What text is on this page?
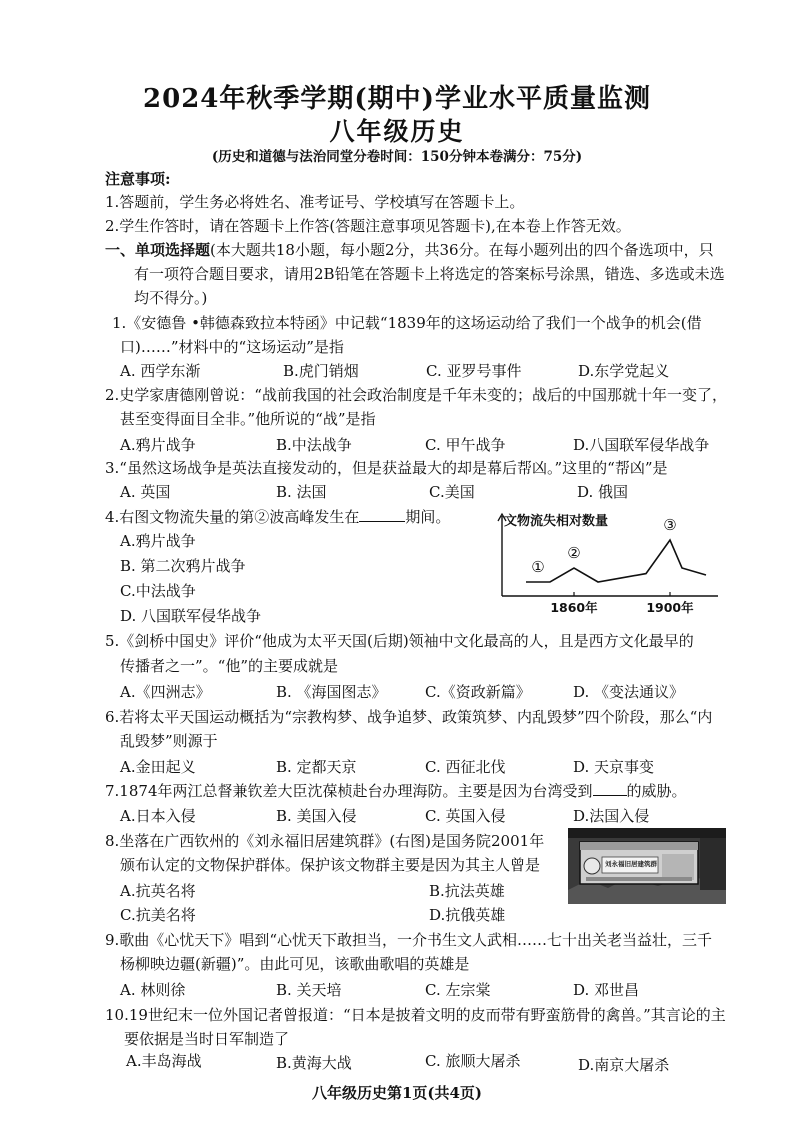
2024年秋季学期(期中)学业水平质量监测
八年级历史
(历史和道德与法治同堂分卷时间：150分钟本卷满分：75分)
注意事项:
1.答题前，学生务必将姓名、准考证号、学校填写在答题卡上。
2.学生作答时，请在答题卡上作答(答题注意事项见答题卡),在本卷上作答无效。
一、单项选择题(本大题共18小题，每小题2分，共36分。在每小题列出的四个备选项中，只
有一项符合题目要求，请用2B铅笔在答题卡上将选定的答案标号涂黑，错选、多选或未选
均不得分。)
1.《安德鲁 •韩德森致拉本特函》中记载“1839年的这场运动给了我们一个战争的机会(借
口)……”材料中的“这场运动”是指
A. 西学东渐	B.虎门销烟	C. 亚罗号事件	D.东学党起义
2.史学家唐德刚曾说：“战前我国的社会政治制度是千年未变的；战后的中国那就十年一变了，
甚至变得面目全非。”他所说的“战”是指
A.鸦片战争	B.中法战争	C. 甲午战争	D.八国联军侵华战争
3.“虽然这场战争是英法直接发动的，但是获益最大的却是幕后帮凶。”这里的“帮凶”是
A. 英国	B. 法国	C.美国	D. 俄国
4.右图文物流失量的第②波高峰发生在	期间。
A.鸦片战争
B. 第二次鸦片战争
C.中法战争
D. 八国联军侵华战争
文物流失相对数量
1860年	1900年
①
②
③
5.《剑桥中国史》评价“他成为太平天国(后期)领袖中文化最高的人，且是西方文化最早的
传播者之一”。“他”的主要成就是
A.《四洲志》	B. 《海国图志》	C.《资政新篇》	D. 《变法通议》
6.若将太平天国运动概括为“宗教构梦、战争追梦、政策筑梦、内乱毁梦”四个阶段，那么“内
乱毁梦”则源于
A.金田起义	B. 定都天京	C. 西征北伐	D. 天京事变
7.1874年两江总督兼钦差大臣沈葆桢赴台办理海防。主要是因为台湾受到 的威胁。
A.日本入侵	B. 美国入侵	C. 英国入侵	D.法国入侵
8.坐落在广西钦州的《刘永福旧居建筑群》(右图)是国务院2001年
颁布认定的文物保护群体。保护该文物群主要是因为其主人曾是
A.抗英名将	B.抗法英雄
C.抗美名将	D.抗俄英雄
刘永福旧居建筑群
9.歌曲《心忧天下》唱到“心忧天下敢担当，一介书生文人武相……七十出关老当益壮，三千
杨柳映边疆(新疆)”。由此可见，该歌曲歌唱的英雄是
A. 林则徐	B. 关天培	C. 左宗棠	D. 邓世昌
10.19世纪末一位外国记者曾报道：“日本是披着文明的皮而带有野蛮筋骨的禽兽。”其言论的主
要依据是当时日军制造了
A.丰岛海战	B.黄海大战	C. 旅顺大屠杀	D.南京大屠杀
八年级历史第1页(共4页)
